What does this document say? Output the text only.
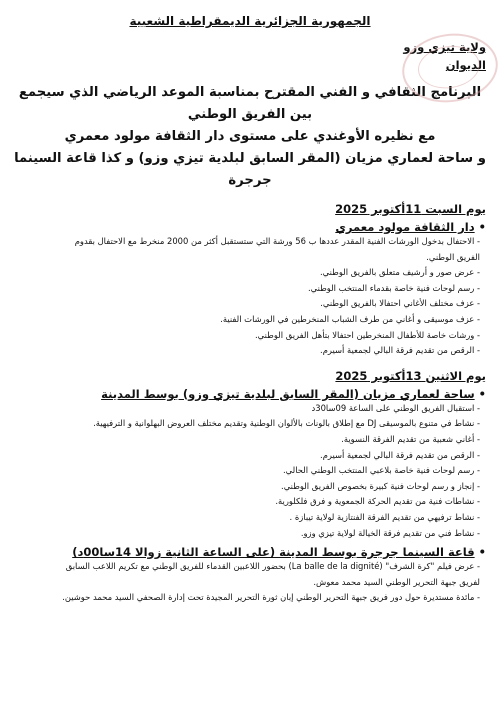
الجمهورية الجزائرية الديمقراطية الشعبية
ولاية تيزي وزو
الديوان
البرنامج الثقافي و الفني المقترح بمناسبة الموعد الرياضي الذي سيجمع بين الفريق الوطني
مع نظيره الأوغندي على مستوى دار الثقافة مولود معمري
و ساحة لعماري مزيان (المقر السابق لبلدية تيزي وزو) و كذا قاعة السينما جرجرة
يوم السبت 11أكتوبر 2025
•دار الثقافة مولود معمري
- الاحتفال بدخول الورشات الفنية المقدر عددها ب 56 ورشة التي ستستقبل أكثر من 2000 منخرط مع الاحتفال بقدوم
الفريق الوطني.
- عرض صور و أرشيف متعلق بالفريق الوطني.
- رسم لوحات فنية خاصة بقدماء المنتخب الوطني.
- عزف مختلف الأغاني احتفالا بالفريق الوطني.
- عزف موسيقى و أغاني من طرف الشباب المنخرطين في الورشات الفنية.
- ورشات خاصة للأطفال المنخرطين احتفالا بتأهل الفريق الوطني.
- الرقص من تقديم فرقة البالي لجمعية أسيرم.
يوم الاثنين 13أكتوبر 2025
•ساحة لعماري مزيان (المقر السابق لبلدية تيزي وزو) بوسط المدينة
- استقبال الفريق الوطني على الساعة 09سا30د
- نشاط في متنوع بالموسيقى DJ مع إطلاق بالونات بالألوان الوطنية وتقديم مختلف العروض البهلوانية و الترفيهية.
- أغاني شعبية من تقديم الفرقة النسوية.
- الرقص من تقديم فرقة البالي لجمعية أسيرم.
- رسم لوحات فنية خاصة بلاعبي المنتخب الوطني الحالي.
- إنجاز و رسم لوحات فنية كبيرة بخصوص الفريق الوطني.
- نشاطات فنية من تقديم الحركة الجمعوية و فرق فلكلورية.
- نشاط ترفيهي من تقديم الفرقة الفنتازية لولاية تيبازة .
- نشاط فني من تقديم فرقة الخيالة لولاية تيزي وزو.
•قاعة السينما جرجرة بوسط المدينة (على الساعة الثانية زوالا 14سا00د)
- عرض فيلم "كرة الشرف" (La balle de la dignité) بحضور اللاعبين القدماء للفريق الوطني مع تكريم اللاعب السابق
لفريق جبهة التحرير الوطني السيد محمد معوش.
- مائدة مستديرة حول دور فريق جبهة التحرير الوطني إبان ثورة التحرير المجيدة تحت إدارة الصحفي السيد محمد حوشين.
